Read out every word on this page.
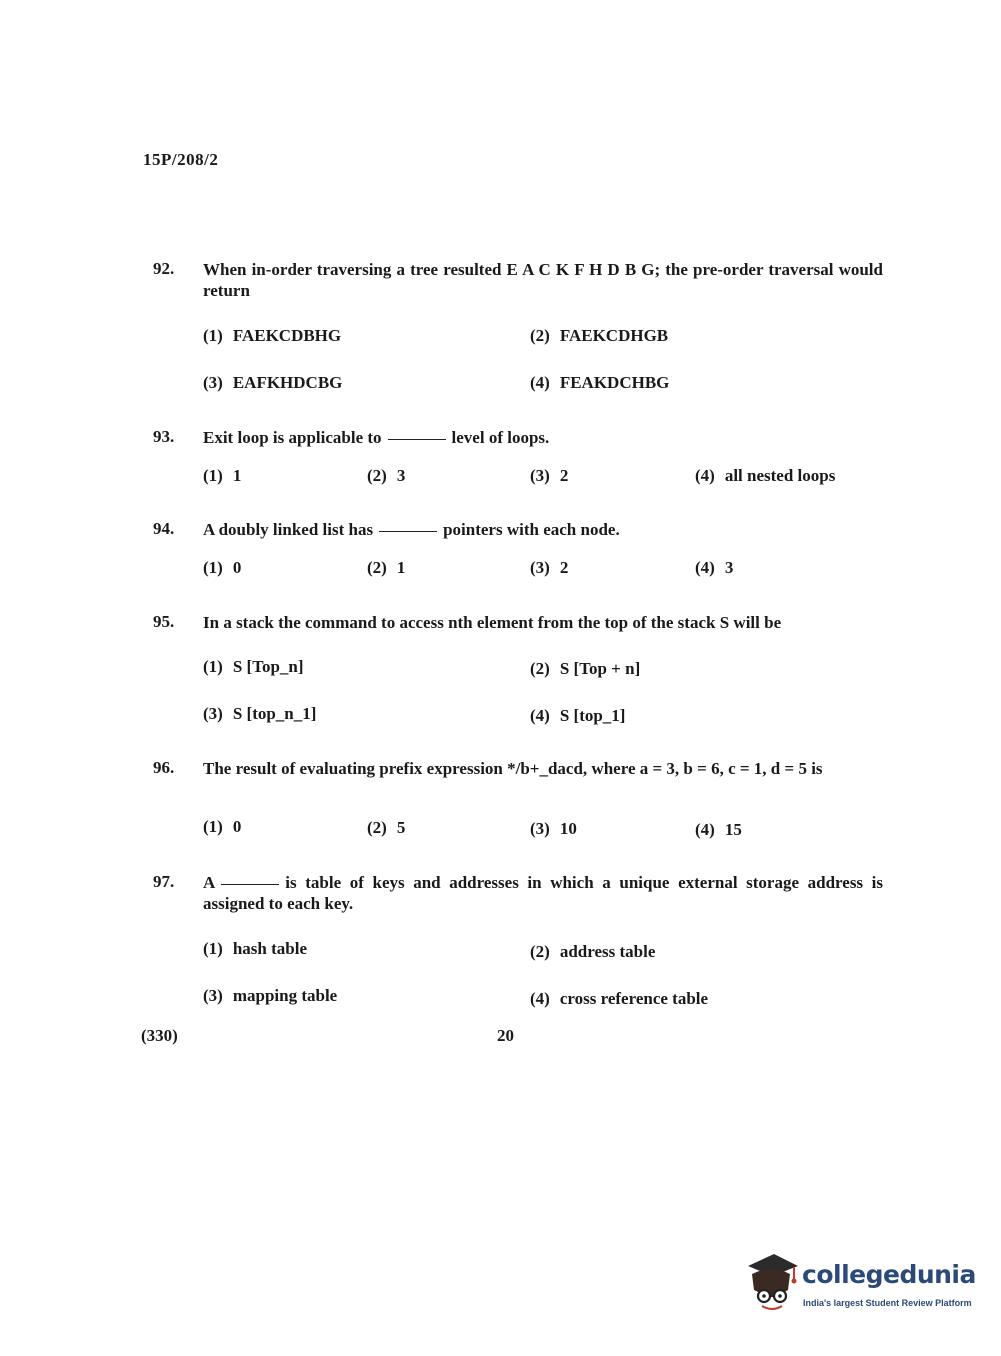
15P/208/2
92.	When in-order traversing a tree resulted E A C K F H D B G; the pre-order traversal would return
(1) FAEKCDBHG	(2) FAEKCDHGB
(3) EAFKHDCBG	(4) FEAKDCHBG
93.	Exit loop is applicable to	level of loops.
(1) 1	(2) 3	(3) 2	(4) all nested loops
94.	A doubly linked list has	pointers with each node.
(1) 0	(2) 1	(3) 2	(4) 3
95.	In a stack the command to access nth element from the top of the stack S will be
(1) S [Top_n]	(2) S [Top + n]
(3) S [top_n_1]	(4) S [top_1]
96.	The result of evaluating prefix expression */b+_dacd, where a = 3, b = 6, c = 1, d = 5 is
(1) 0	(2) 5	(3) 10	(4) 15
97.	A	is table of keys and addresses in which a unique external storage address is assigned to each key.
(1) hash table	(2) address table
(3) mapping table	(4) cross reference table
(330)	20
collegedunia
India's largest Student Review Platform
